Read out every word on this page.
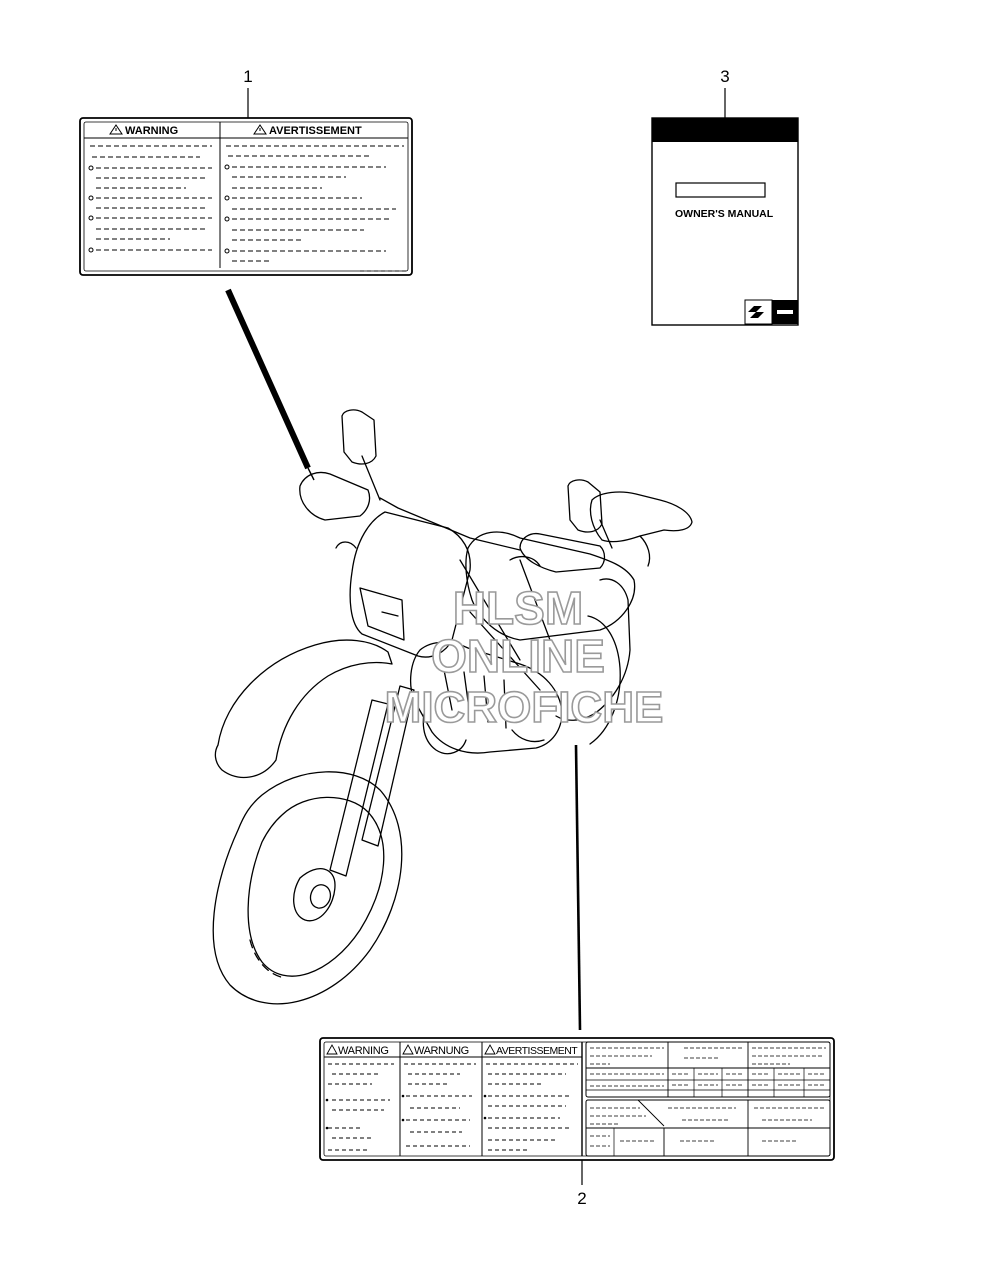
1	3
2
WARNING	AVERTISSEMENT
OWNER'S MANUAL
HLSM
ONLINE
MICROFICHE
WARNING WARNUNG	AVERTISSEMENT
